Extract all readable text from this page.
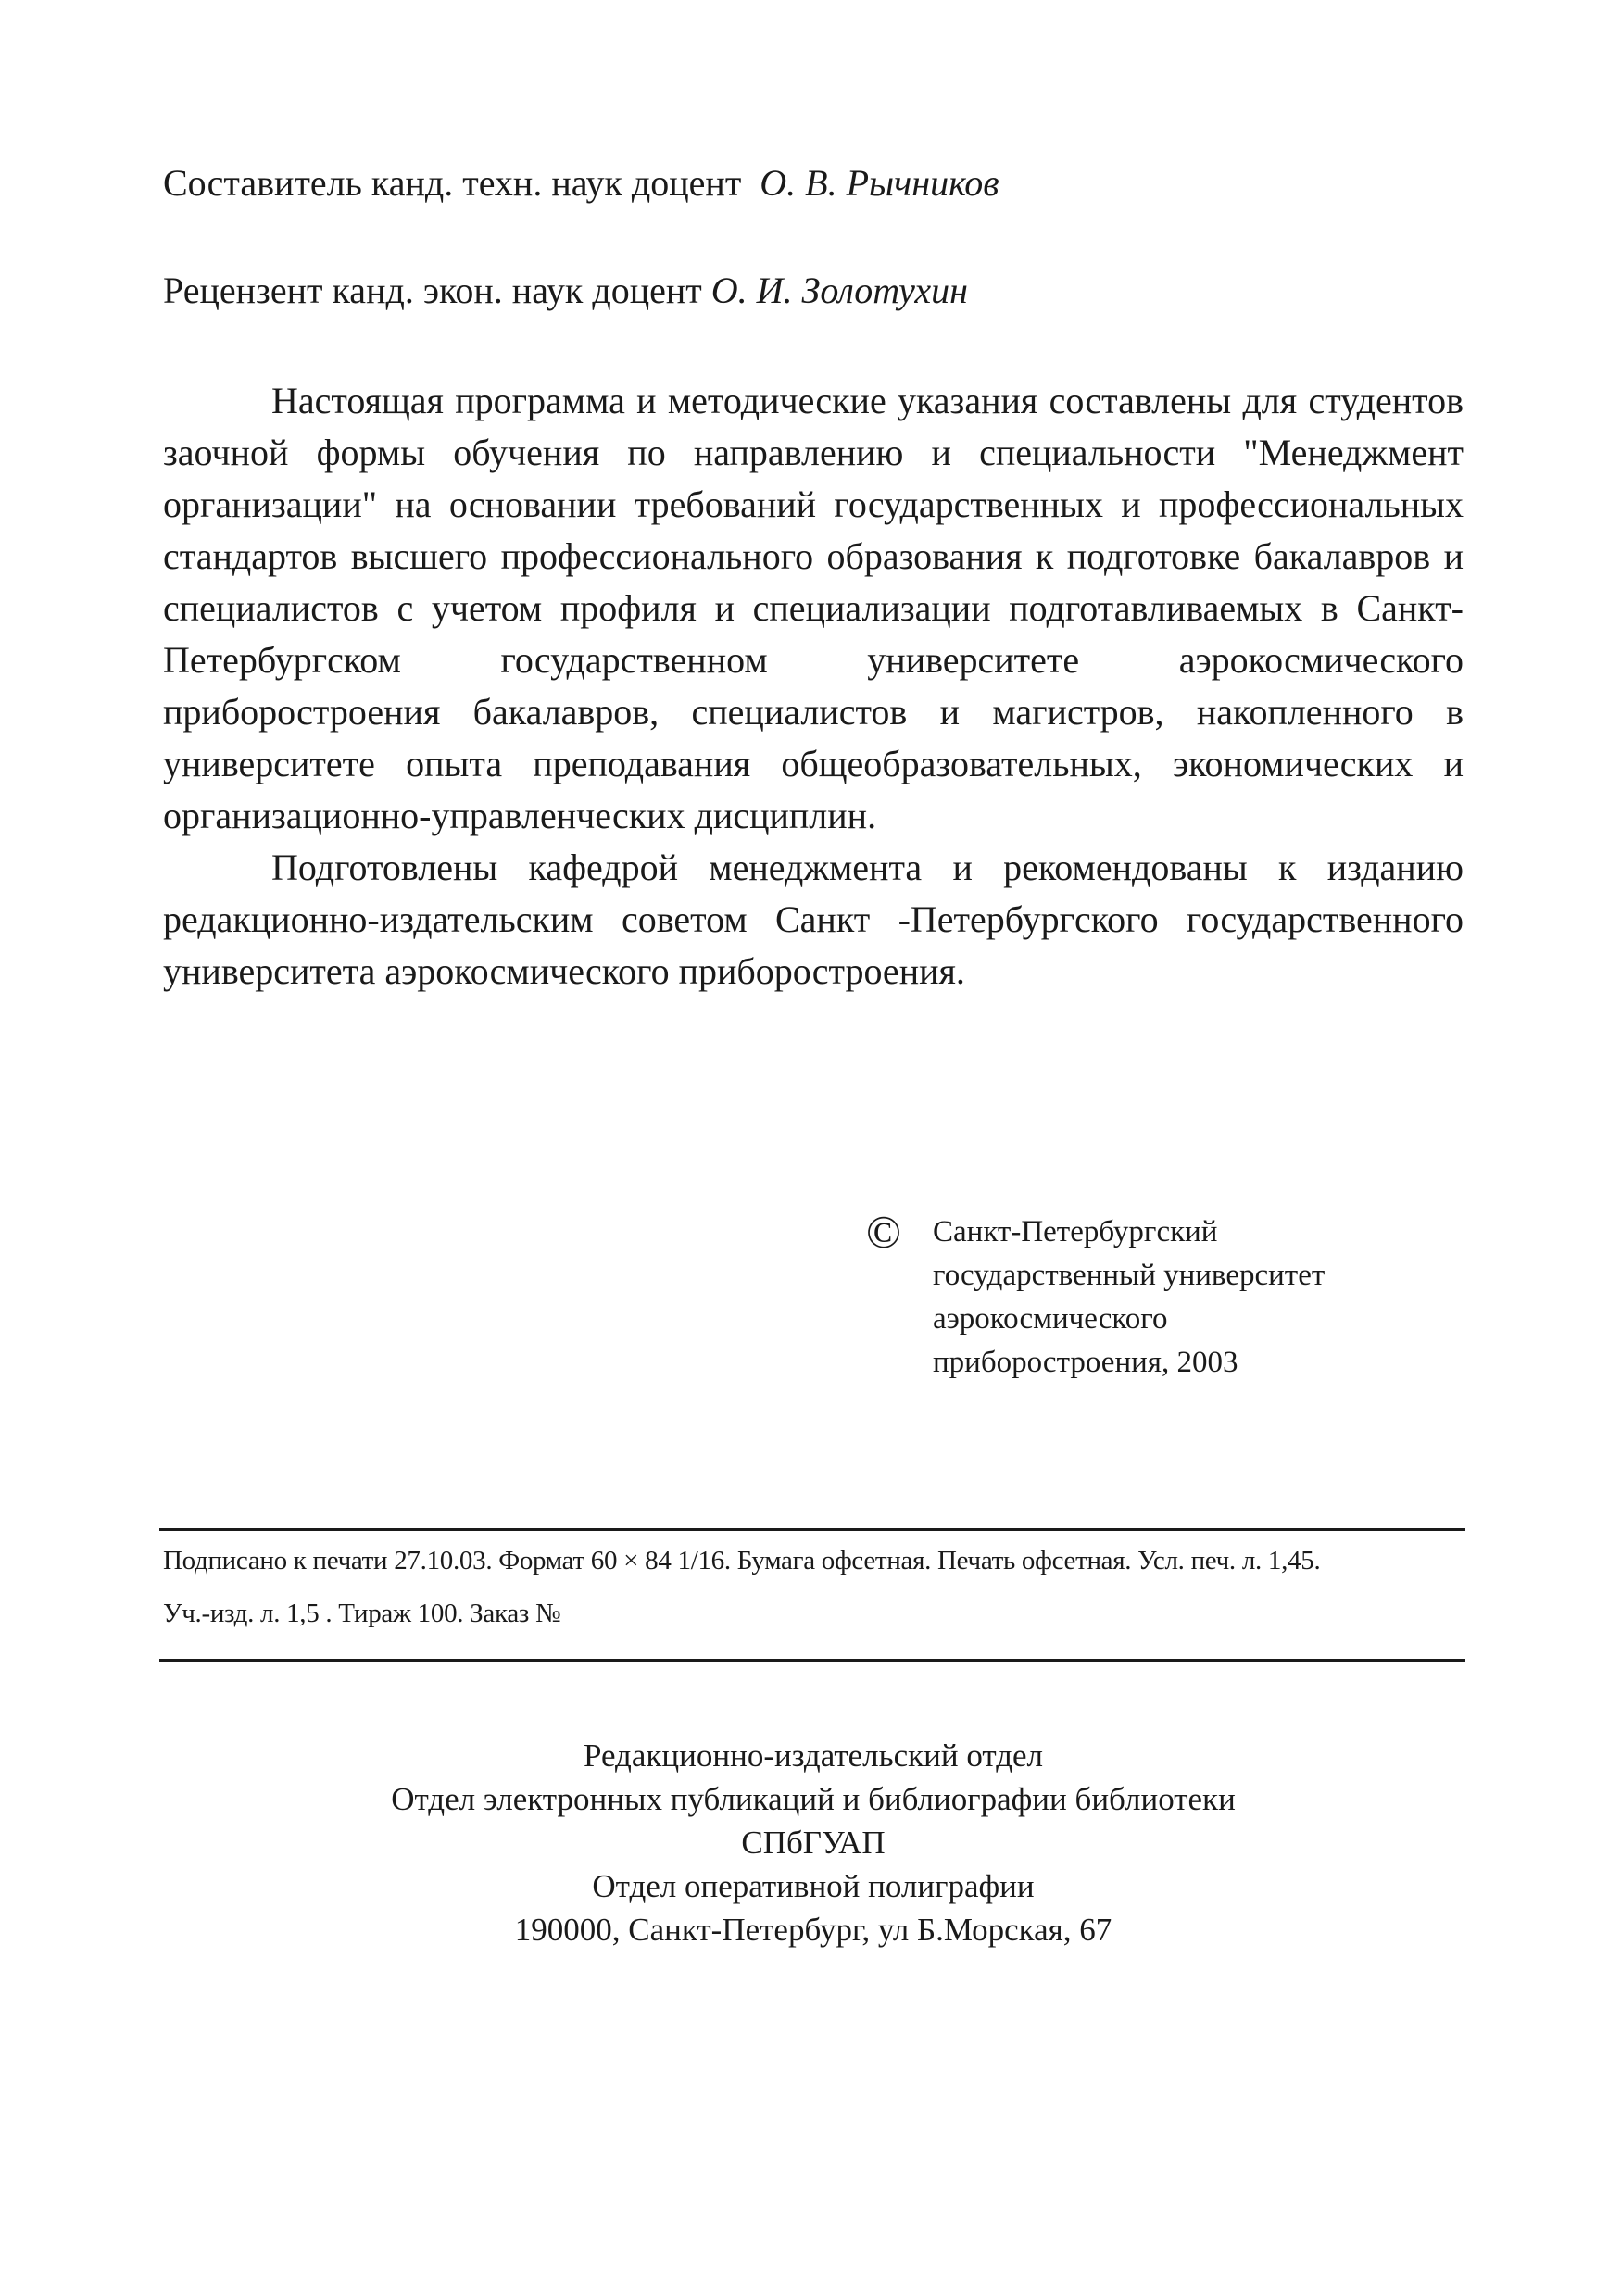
Составитель канд. техн. наук доцент О. В. Рычников
Рецензент канд. экон. наук доцент О. И. Золотухин

Настоящая программа и методические указания составлены для студентов заочной формы обучения по направлению и специальности "Менеджмент организации" на основании требований государственных и профессиональных стандартов высшего профессионального образования к подготовке бакалавров и специалистов с учетом профиля и специализации подготавливаемых в Санкт-Петербургском государственном университете аэрокосмического приборостроения бакалавров, специалистов и магистров, накопленного в университете опыта преподавания общеобразовательных, экономических и организационно-управленческих дисциплин.

Подготовлены кафедрой менеджмента и рекомендованы к изданию редакционно-издательским советом Санкт -Петербургского государственного университета аэрокосмического приборостроения.

© Санкт-Петербургский
государственный университет
аэрокосмического
приборостроения, 2003
Подписано к печати 27.10.03. Формат 60 × 84 1/16. Бумага офсетная. Печать офсетная. Усл. печ. л. 1,45.
Уч.-изд. л. 1,5 . Тираж 100. Заказ №
Редакционно-издательский отдел
Отдел электронных публикаций и библиографии библиотеки
СПбГУАП
Отдел оперативной полиграфии
190000, Санкт-Петербург, ул Б.Морская, 67
